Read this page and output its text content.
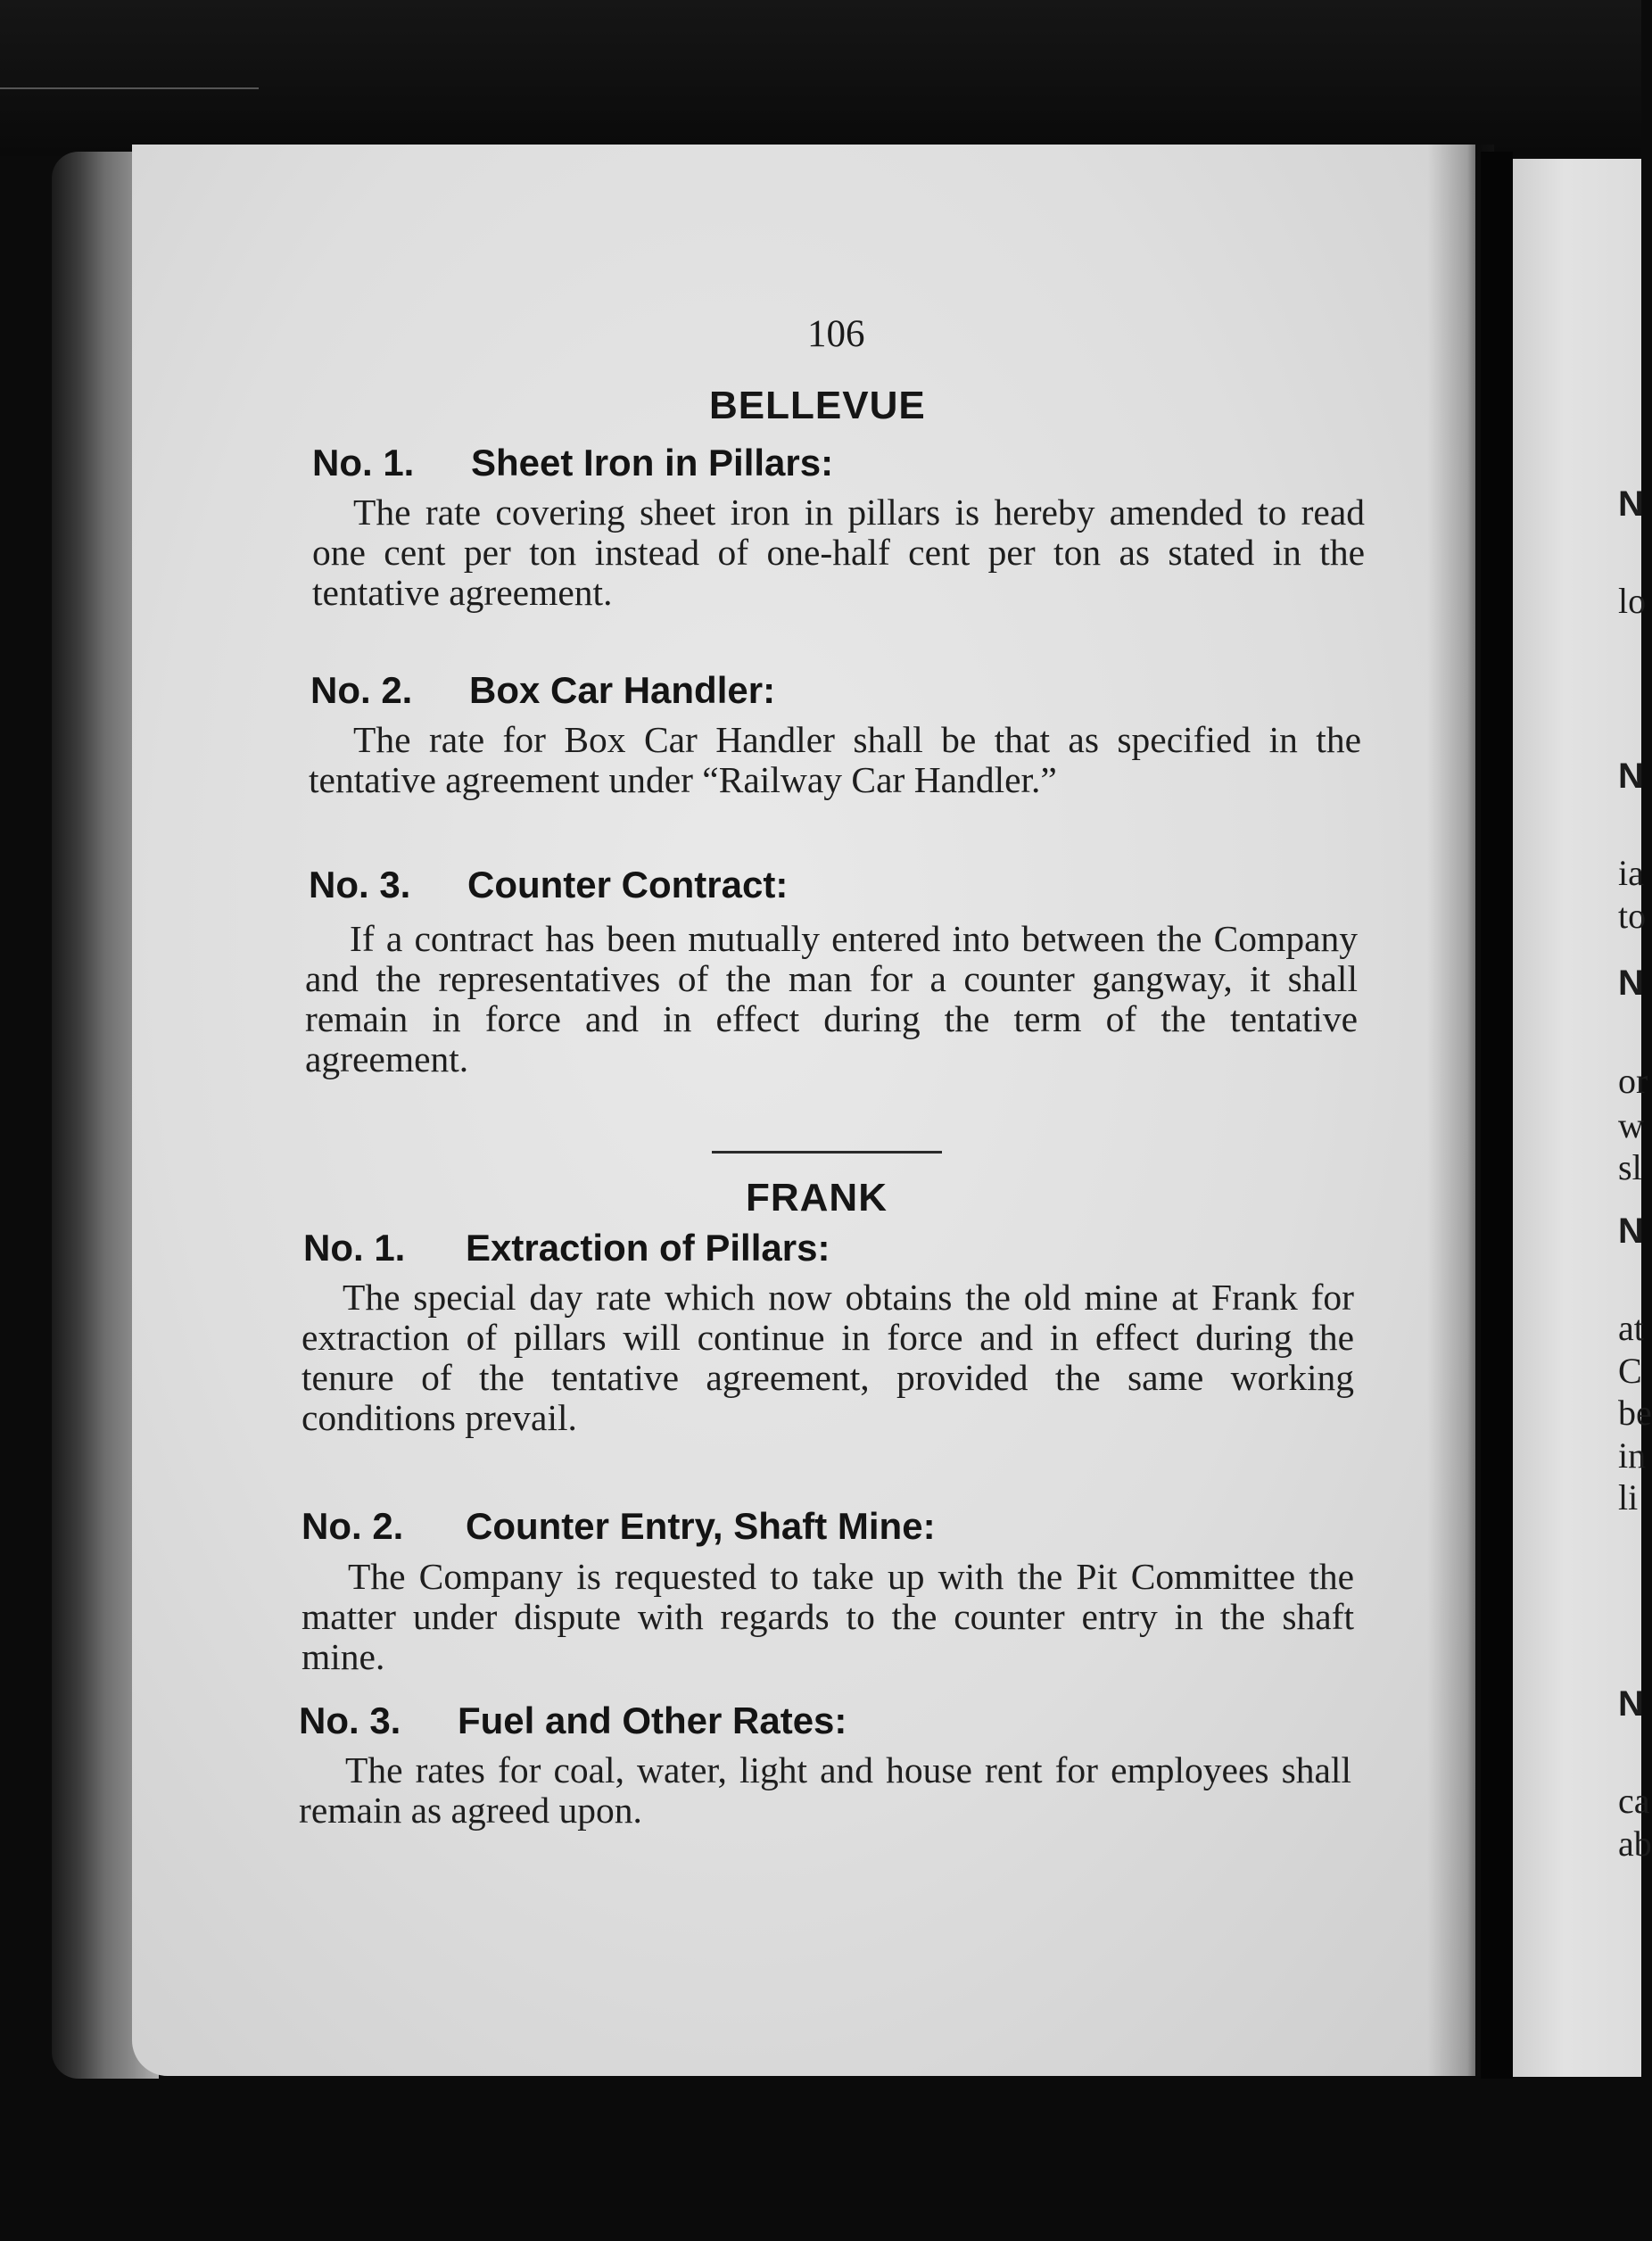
N
lo
N
ia
to
N
or
w
sl
N
at
C
be
in
li
N
ca
ab
106
BELLEVUE
No. 1. Sheet Iron in Pillars:

The rate covering sheet iron in pillars is hereby amended to read one cent per ton instead of one-half cent per ton as stated in the tentative agreement.

No. 2. Box Car Handler:

The rate for Box Car Handler shall be that as specified in the tentative agreement under “Railway Car Handler.”

No. 3. Counter Contract:

If a contract has been mutually entered into between the Company and the representatives of the man for a counter gangway, it shall remain in force and in effect during the term of the tentative agreement.

FRANK
No. 1. Extraction of Pillars:

The special day rate which now obtains the old mine at Frank for extraction of pillars will continue in force and in effect during the tenure of the tentative agreement, provided the same working conditions prevail.

No. 2. Counter Entry, Shaft Mine:

The Company is requested to take up with the Pit Committee the matter under dispute with regards to the counter entry in the shaft mine.

No. 3. Fuel and Other Rates:

The rates for coal, water, light and house rent for employees shall remain as agreed upon.
